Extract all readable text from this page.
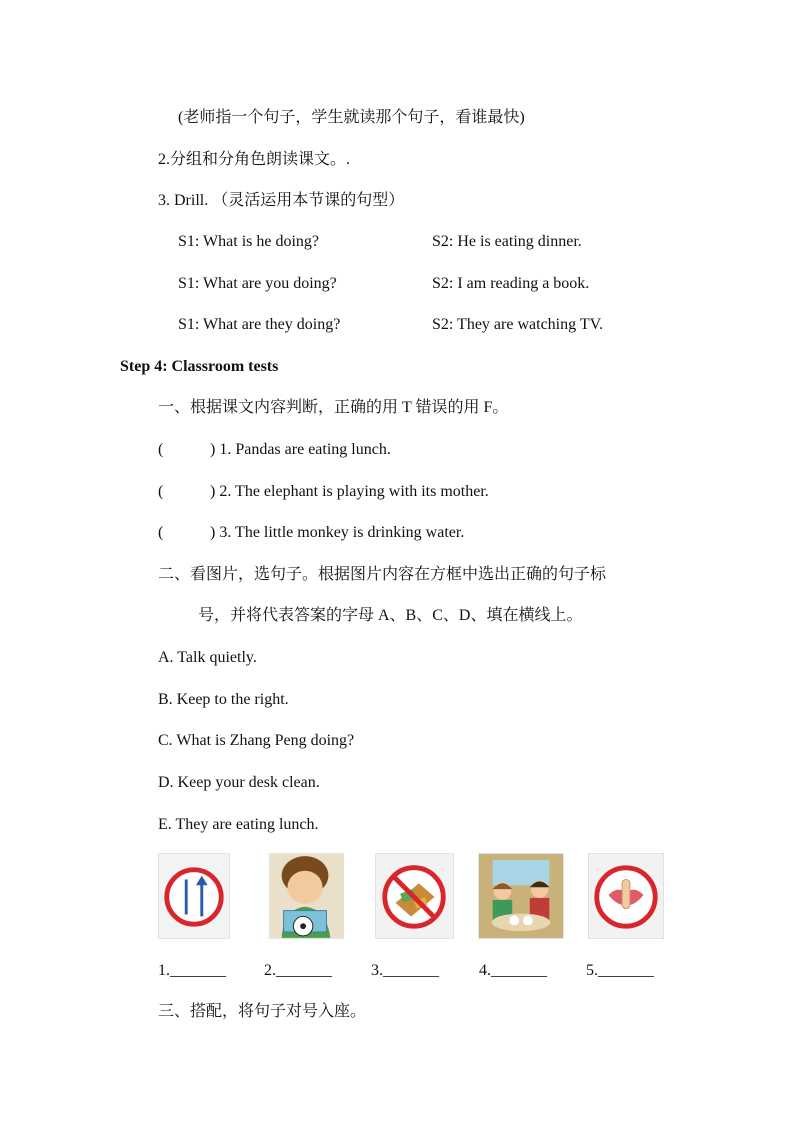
(老师指一个句子，学生就读那个句子，看谁最快)
2.分组和分角色朗读课文。.
3. Drill. （灵活运用本节课的句型）
S1: What is he doing?	S2: He is eating dinner.
S1: What are you doing?	S2: I am reading a book.
S1: What are they doing?	S2: They are watching TV.
Step 4: Classroom tests
一、根据课文内容判断，正确的用 T 错误的用 F。
(	) 1. Pandas are eating lunch.
(	) 2. The elephant is playing with its mother.
(	) 3. The little monkey is drinking water.
二、看图片，选句子。根据图片内容在方框中选出正确的句子标
号，并将代表答案的字母 A、B、C、D、填在横线上。
A. Talk quietly.
B. Keep to the right.
C. What is Zhang Peng doing?
D. Keep your desk clean.
E. They are eating lunch.
1._______ 2._______ 3._______	4._______ 5._______
三、搭配，将句子对号入座。
